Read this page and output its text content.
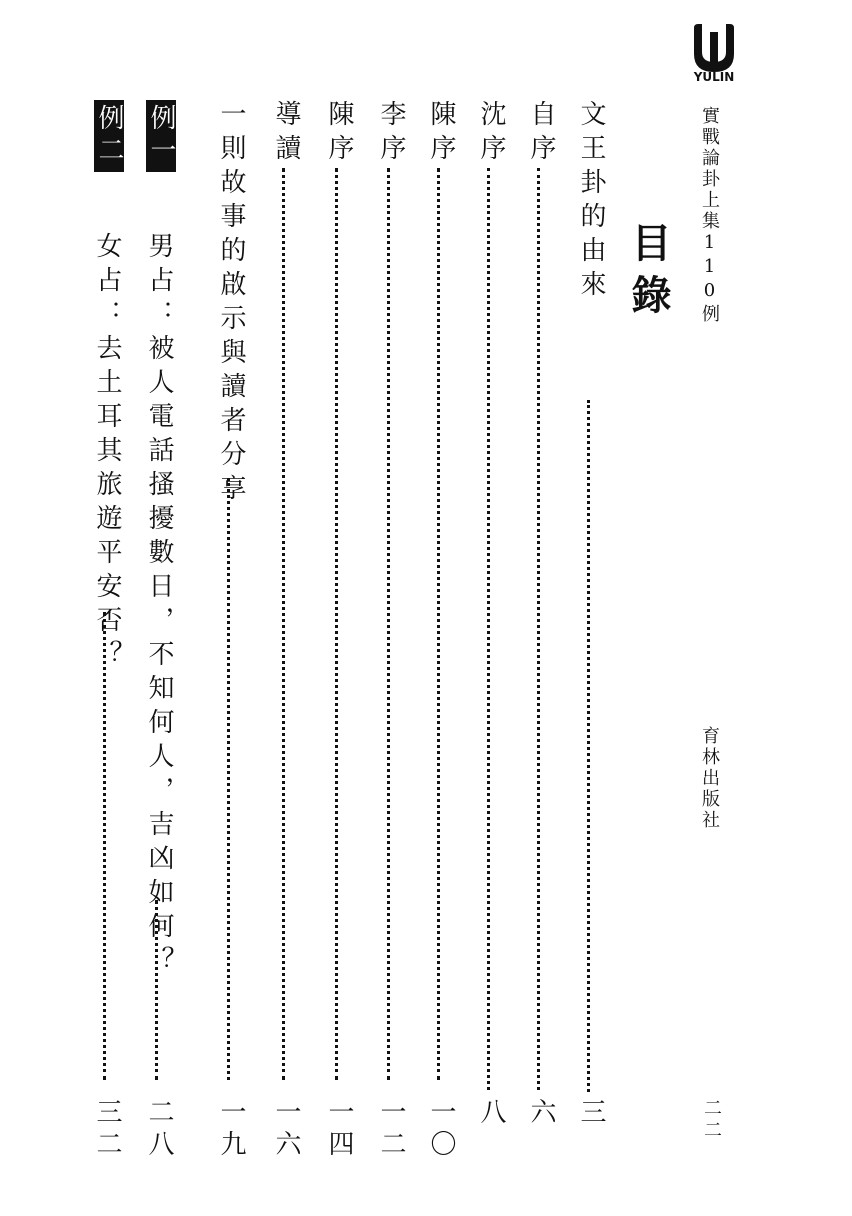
YULIN

實戰論卦上集110例

育林出版社

二二

目錄

文王卦的由來

三

自序

六

沈序

八

陳序

一〇

李序

一二

陳序

一四

導讀

一六

一則故事的啟示與讀者分享

一九

例一

男占：被人電話搔擾數日，不知何人，吉凶如何？

二八

例二

女占：去土耳其旅遊平安否？

三二
